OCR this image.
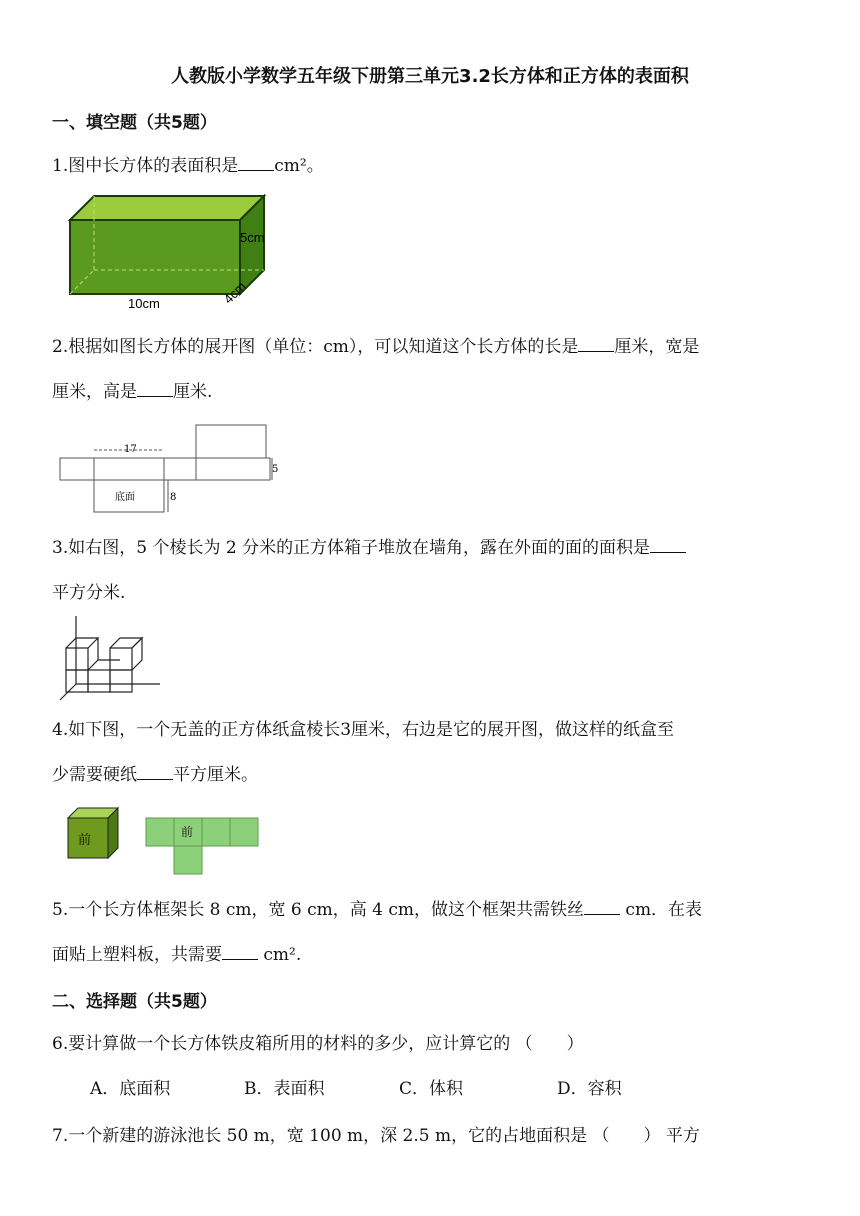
人教版小学数学五年级下册第三单元3.2长方体和正方体的表面积
一、填空题（共5题）
1.图中长方体的表面积是 cm²。
5cm
10cm	4cm
2.根据如图长方体的展开图（单位：cm），可以知道这个长方体的长是 厘米，宽是
厘米，高是 厘米.
17
5
8
底面
3.如右图，5 个棱长为 2 分米的正方体箱子堆放在墙角，露在外面的面的面积是
平方分米.
4.如下图，一个无盖的正方体纸盒棱长3厘米，右边是它的展开图，做这样的纸盒至
少需要硬纸 平方厘米。
前
前
5.一个长方体框架长 8 cm，宽 6 cm，高 4 cm，做这个框架共需铁丝 cm．在表
面贴上塑料板，共需要 cm².
二、选择题（共5题）
6.要计算做一个长方体铁皮箱所用的材料的多少，应计算它的 （　　）
A．底面积	B．表面积	C．体积	D．容积
7.一个新建的游泳池长 50 m，宽 100 m，深 2.5 m，它的占地面积是 （　　） 平方
